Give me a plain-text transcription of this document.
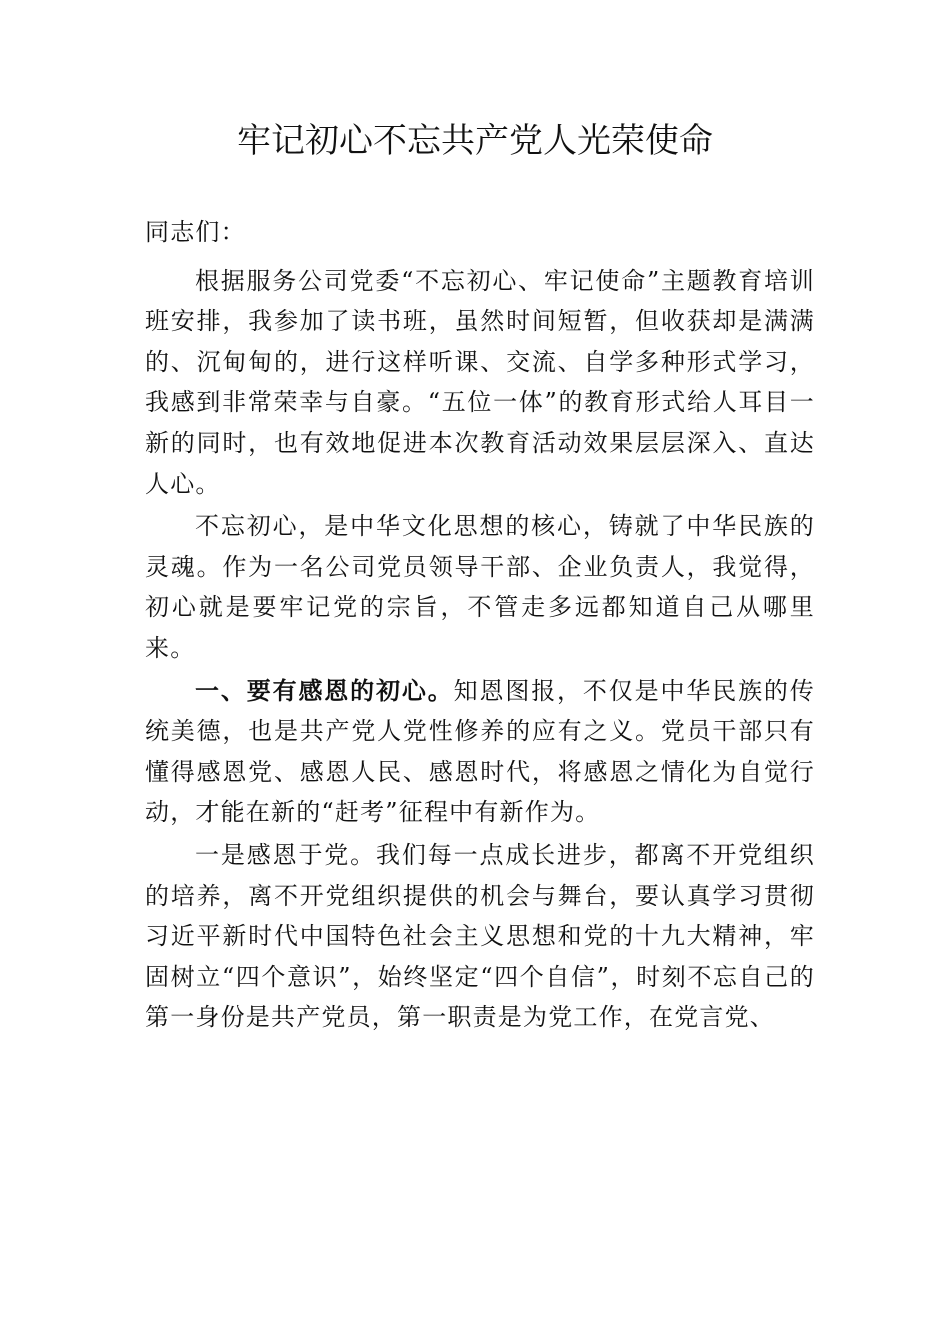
牢记初心不忘共产党人光荣使命

同志们：

根据服务公司党委“不忘初心、牢记使命”主题教育培训班安排，我参加了读书班，虽然时间短暂，但收获却是满满的、沉甸甸的，进行这样听课、交流、自学多种形式学习，我感到非常荣幸与自豪。“五位一体”的教育形式给人耳目一新的同时，也有效地促进本次教育活动效果层层深入、直达人心。

不忘初心，是中华文化思想的核心，铸就了中华民族的灵魂。作为一名公司党员领导干部、企业负责人，我觉得，初心就是要牢记党的宗旨，不管走多远都知道自己从哪里来。

一、要有感恩的初心。知恩图报，不仅是中华民族的传统美德，也是共产党人党性修养的应有之义。党员干部只有懂得感恩党、感恩人民、感恩时代，将感恩之情化为自觉行动，才能在新的“赶考”征程中有新作为。

一是感恩于党。我们每一点成长进步，都离不开党组织的培养，离不开党组织提供的机会与舞台，要认真学习贯彻习近平新时代中国特色社会主义思想和党的十九大精神，牢固树立“四个意识”，始终坚定“四个自信”，时刻不忘自己的第一身份是共产党员，第一职责是为党工作，在党言党、
